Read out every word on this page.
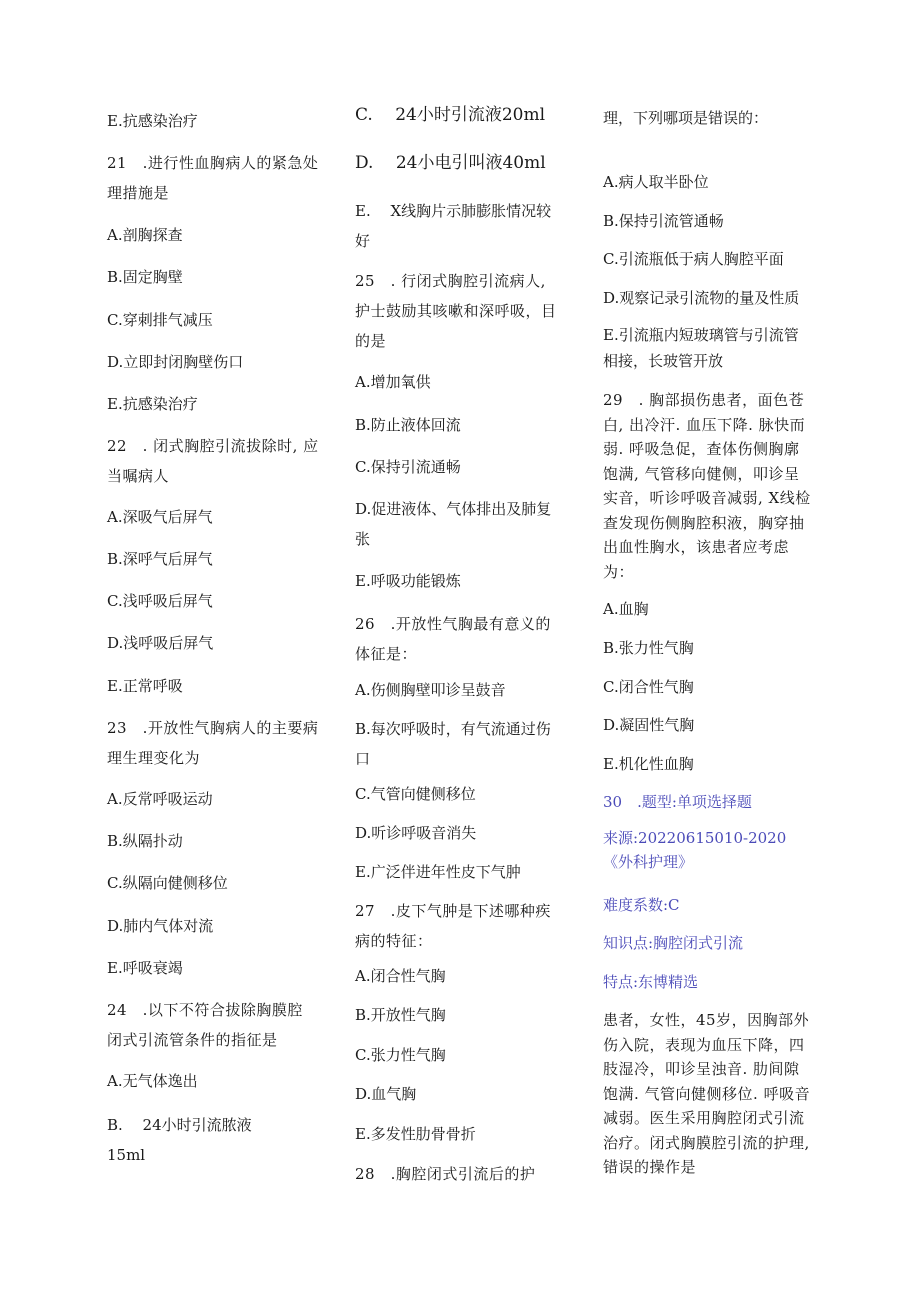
E.抗感染治疗
21　.进行性血胸病人的紧急处理措施是
A.剖胸探查
B.固定胸壁
C.穿刺排气减压
D.立即封闭胸壁伤口
E.抗感染治疗
22　. 闭式胸腔引流拔除时, 应当嘱病人
A.深吸气后屏气
B.深呼气后屏气
C.浅呼吸后屏气
D.浅呼吸后屏气
E.正常呼吸
23　.开放性气胸病人的主要病理生理变化为
A.反常呼吸运动
B.纵隔扑动
C.纵隔向健侧移位
D.肺内气体对流
E.呼吸衰竭
24　.以下不符合拔除胸膜腔闭式引流管条件的指征是
A.无气体逸出
B.　 24小时引流脓液15ml
C.　 24小时引流液20ml
D.　 24小电引叫液40ml
E.　 X线胸片示肺膨胀情况较好
25　. 行闭式胸腔引流病人, 护士鼓励其咳嗽和深呼吸，目的是
A.增加氧供
B.防止液体回流
C.保持引流通畅
D.促进液体、气体排出及肺复张
E.呼吸功能锻炼
26　.开放性气胸最有意义的体征是：
A.伤侧胸壁叩诊呈鼓音
B.每次呼吸时，有气流通过伤口
C.气管向健侧移位
D.听诊呼吸音消失
E.广泛伴进年性皮下气肿
27　.皮下气肿是下述哪种疾病的特征：
A.闭合性气胸
B.开放性气胸
C.张力性气胸
D.血气胸
E.多发性肋骨骨折
28　.胸腔闭式引流后的护
理，下列哪项是错误的：
A.病人取半卧位
B.保持引流管通畅
C.引流瓶低于病人胸腔平面
D.观察记录引流物的量及性质
E.引流瓶内短玻璃管与引流管相接，长玻管开放
29　. 胸部损伤患者，面色苍白, 出冷汗. 血压下降. 脉快而弱. 呼吸急促，查体伤侧胸廓饱满, 气管移向健侧，叩诊呈实音，听诊呼吸音减弱, X线检查发现伤侧胸腔积液，胸穿抽出血性胸水，该患者应考虑为：
A.血胸
B.张力性气胸
C.闭合性气胸
D.凝固性气胸
E.机化性血胸
30　.题型:单项选择题
来源:20220615010-2020《外科护理》
难度系数:C
知识点:胸腔闭式引流
特点:东博精选
患者，女性，45岁，因胸部外伤入院，表现为血压下降，四肢湿冷，叩诊呈浊音. 肋间隙饱满. 气管向健侧移位. 呼吸音减弱。医生采用胸腔闭式引流治疗。闭式胸膜腔引流的护理, 错误的操作是
